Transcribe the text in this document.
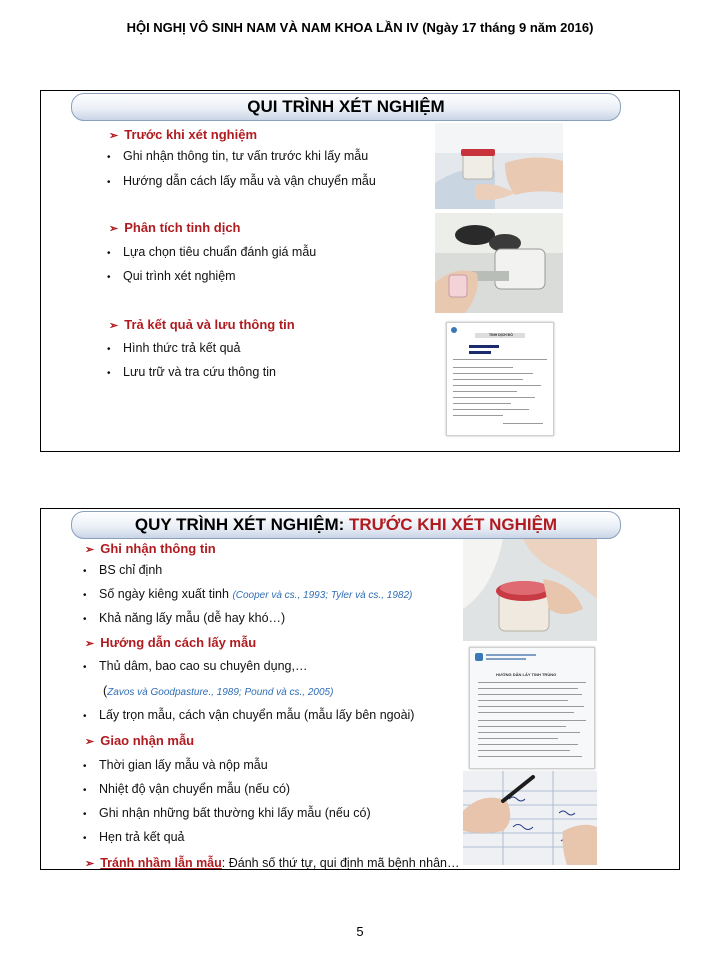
HỘI NGHỊ VÔ SINH NAM VÀ NAM KHOA LẦN IV (Ngày 17 tháng 9 năm 2016)
QUI TRÌNH XÉT NGHIỆM
➢ Trước khi xét nghiệm
• Ghi nhận thông tin, tư vấn trước khi lấy mẫu
• Hướng dẫn cách lấy mẫu và vận chuyển mẫu
➢ Phân tích tinh dịch
• Lựa chọn tiêu chuẩn đánh giá mẫu
• Qui trình xét nghiệm
➢ Trả kết quả và lưu thông tin
• Hình thức trả kết quả
• Lưu trữ và tra cứu thông tin

TINH DỊCH ĐỒ
QUY TRÌNH XÉT NGHIỆM: TRƯỚC KHI XÉT NGHIỆM
➢ Ghi nhận thông tin
• BS chỉ định
• Số ngày kiêng xuất tinh (Cooper và cs., 1993; Tyler và cs., 1982)
• Khả năng lấy mẫu (dễ hay khó…)
➢ Hướng dẫn cách lấy mẫu
• Thủ dâm, bao cao su chuyên dụng,…
(Zavos và Goodpasture., 1989; Pound và cs., 2005)
• Lấy trọn mẫu, cách vận chuyển mẫu (mẫu lấy bên ngoài)
➢ Giao nhận mẫu
• Thời gian lấy mẫu và nộp mẫu
• Nhiệt độ vận chuyển mẫu (nếu có)
• Ghi nhận những bất thường khi lấy mẫu (nếu có)
• Hẹn trả kết quả
➢ Tránh nhầm lẫn mẫu: Đánh số thứ tự, qui định mã bệnh nhân…
HƯỚNG DẪN LẤY TINH TRÙNG
5
